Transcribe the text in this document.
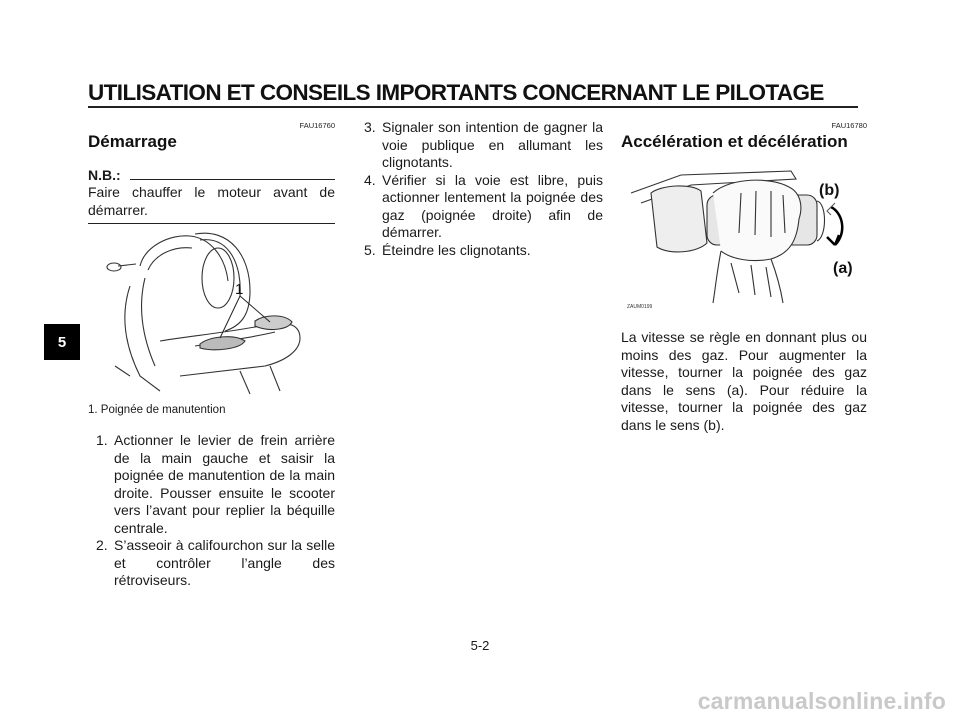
UTILISATION ET CONSEILS IMPORTANTS CONCERNANT LE PILOTAGE
5
FAU16760
Démarrage
N.B.:
Faire chauffer le moteur avant de démarrer.
1
1. Poignée de manutention
1. Actionner le levier de frein arrière de la main gauche et saisir la poignée de manutention de la main droite. Pousser ensuite le scooter vers l’avant pour replier la béquille centrale.
2. S’asseoir à califourchon sur la selle et contrôler l’angle des rétroviseurs.
3. Signaler son intention de gagner la voie publique en allumant les clignotants.
4. Vérifier si la voie est libre, puis actionner lentement la poignée des gaz (poignée droite) afin de démarrer.
5. Éteindre les clignotants.
FAU16780
Accélération et décélération
(b)
(a)
ZAUM0199
La vitesse se règle en donnant plus ou moins des gaz. Pour augmenter la vitesse, tourner la poignée des gaz dans le sens (a). Pour réduire la vitesse, tourner la poignée des gaz dans le sens (b).
5-2
carmanualsonline.info
